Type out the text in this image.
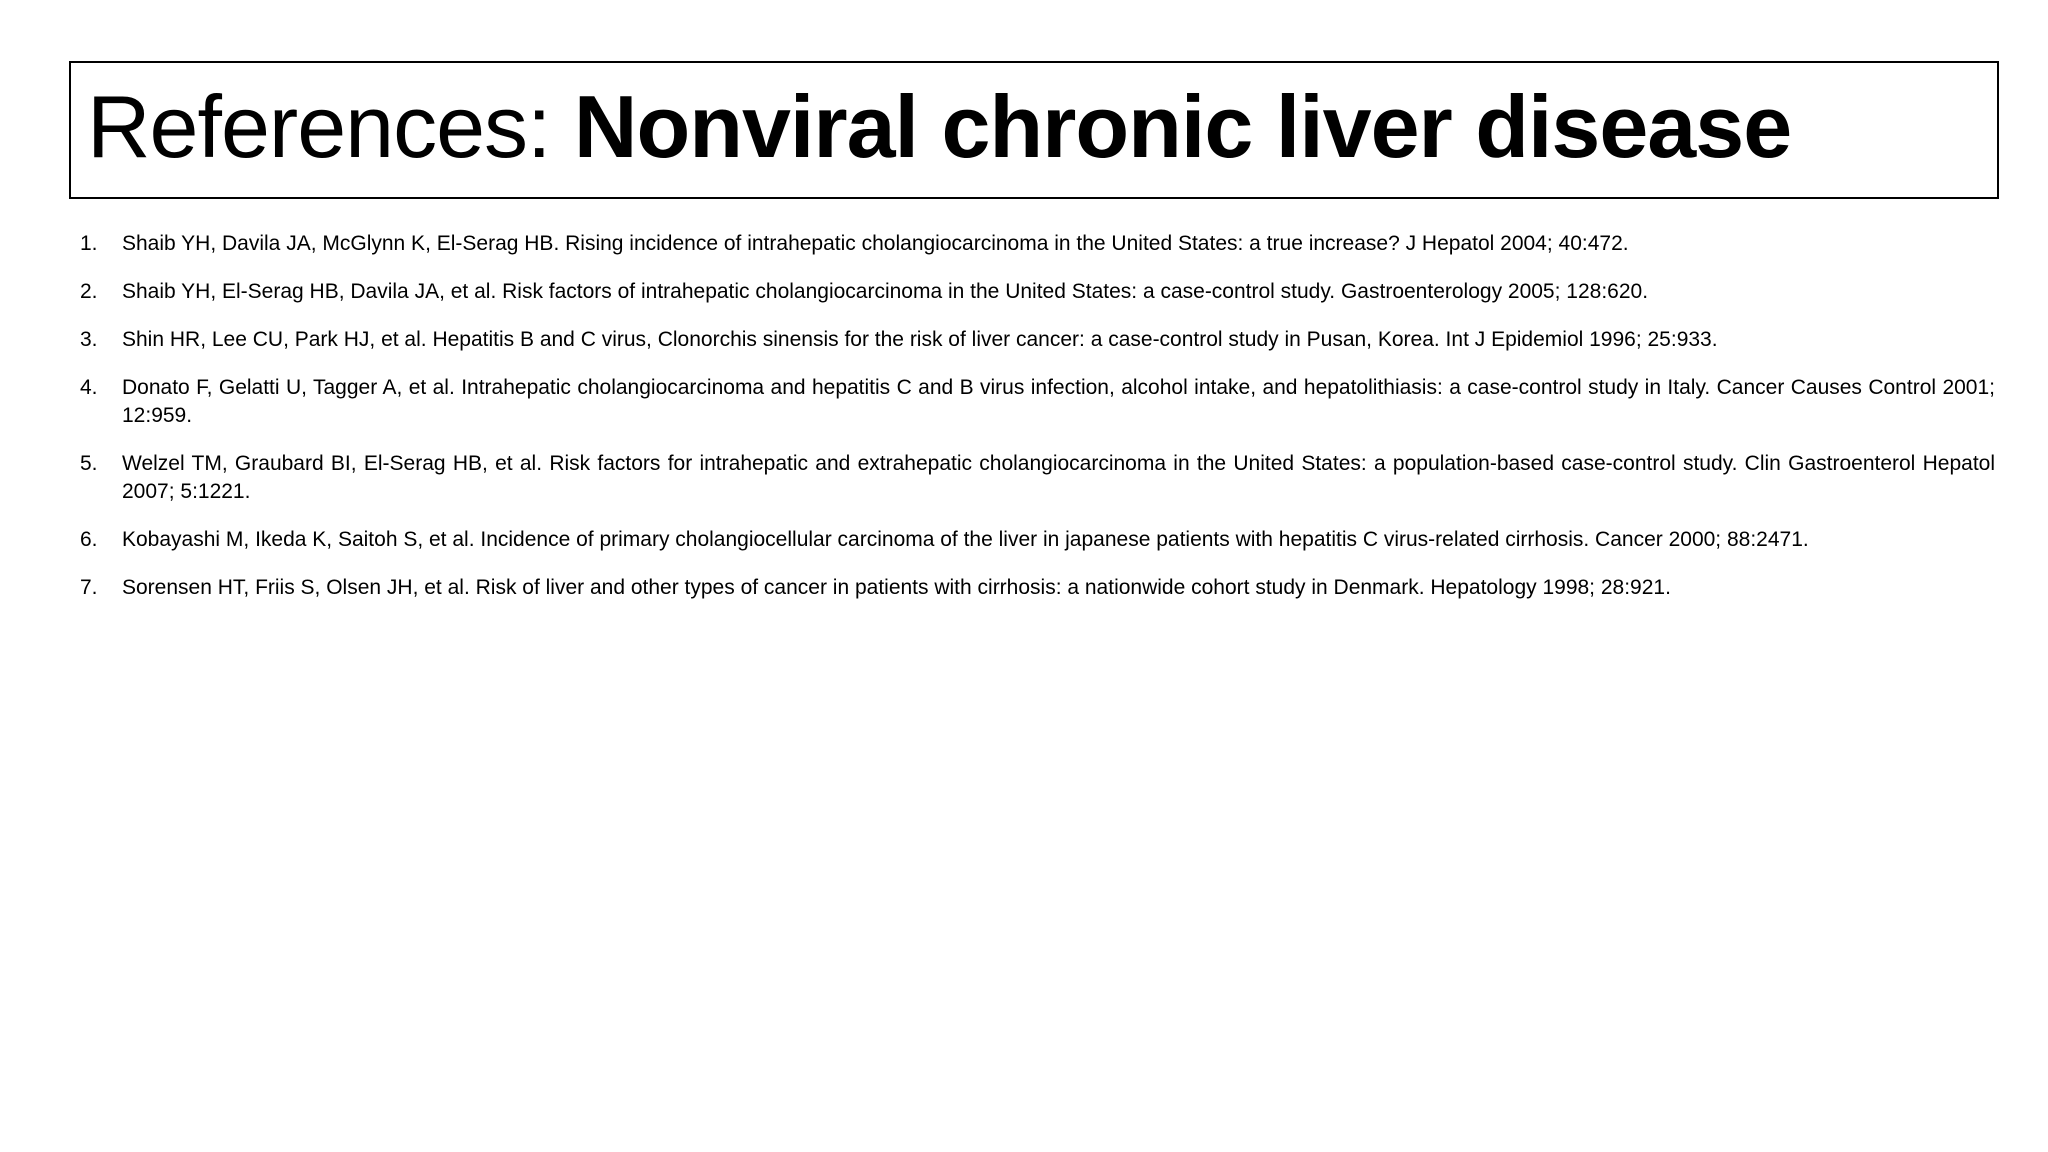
References: Nonviral chronic liver disease
1.	Shaib YH, Davila JA, McGlynn K, El-Serag HB. Rising incidence of intrahepatic cholangiocarcinoma in the United States: a true increase? J Hepatol 2004; 40:472.
2.	Shaib YH, El-Serag HB, Davila JA, et al. Risk factors of intrahepatic cholangiocarcinoma in the United States: a case-control study. Gastroenterology 2005; 128:620.
3.	Shin HR, Lee CU, Park HJ, et al. Hepatitis B and C virus, Clonorchis sinensis for the risk of liver cancer: a case-control study in Pusan, Korea. Int J Epidemiol 1996; 25:933.
4.	Donato F, Gelatti U, Tagger A, et al. Intrahepatic cholangiocarcinoma and hepatitis C and B virus infection, alcohol intake, and hepatolithiasis: a case-control study in Italy. Cancer Causes Control 2001; 12:959.
5.	Welzel TM, Graubard BI, El-Serag HB, et al. Risk factors for intrahepatic and extrahepatic cholangiocarcinoma in the United States: a population-based case-control study. Clin Gastroenterol Hepatol 2007; 5:1221.
6.	Kobayashi M, Ikeda K, Saitoh S, et al. Incidence of primary cholangiocellular carcinoma of the liver in japanese patients with hepatitis C virus-related cirrhosis. Cancer 2000; 88:2471.
7.	Sorensen HT, Friis S, Olsen JH, et al. Risk of liver and other types of cancer in patients with cirrhosis: a nationwide cohort study in Denmark. Hepatology 1998; 28:921.
